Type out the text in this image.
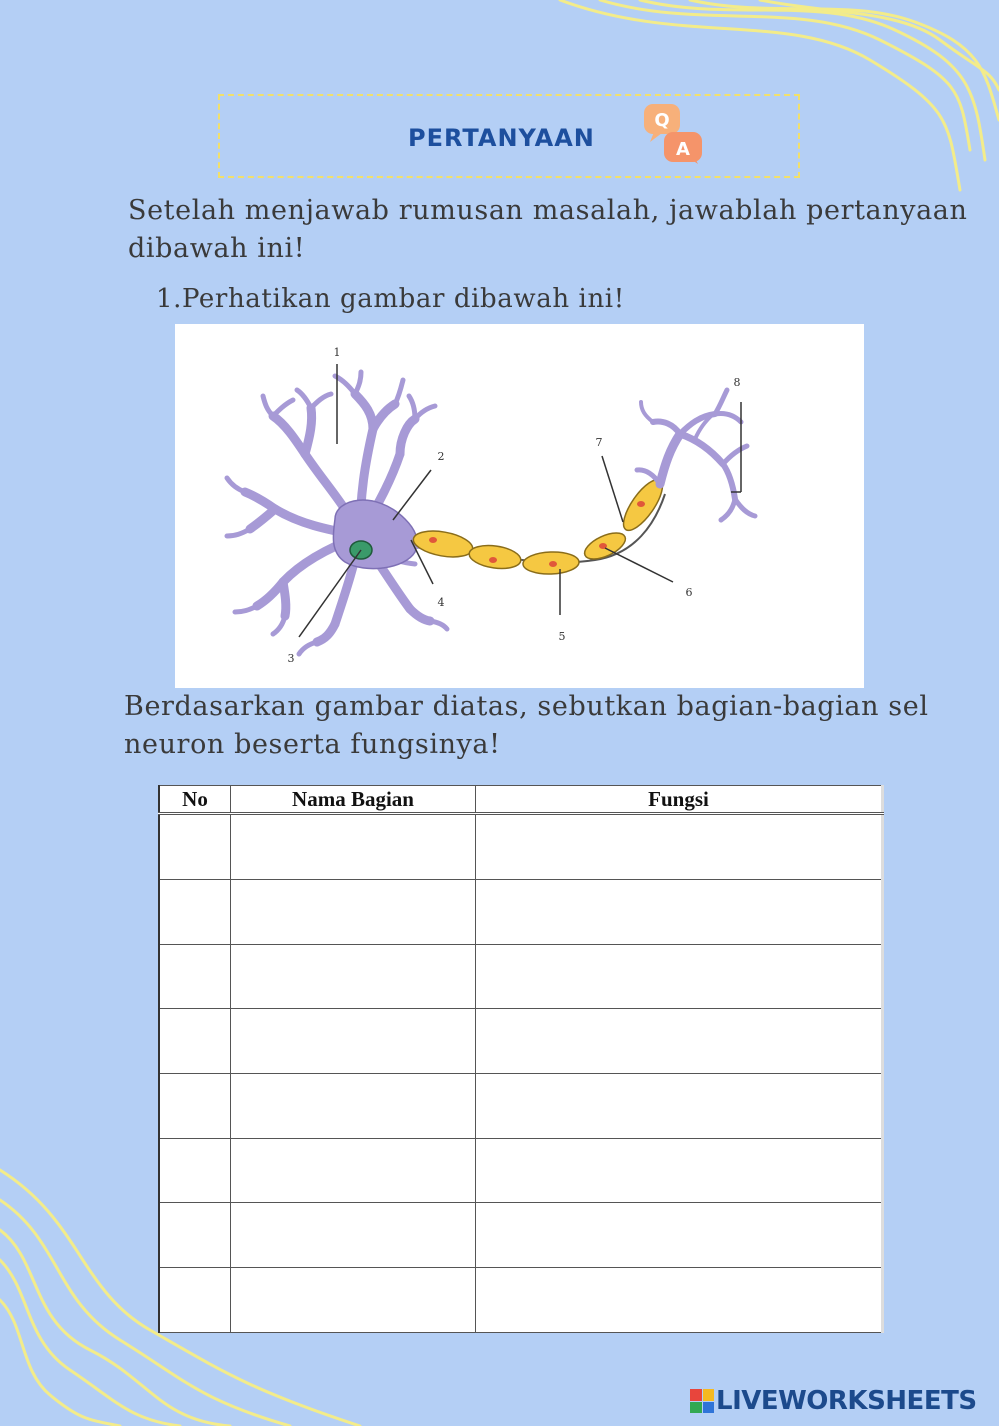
PERTANYAAN
Q
A
Setelah menjawab rumusan masalah, jawablah pertanyaan dibawah ini!
1.Perhatikan gambar dibawah ini!
1
2
3
4
5
6
7
8
Berdasarkan gambar diatas, sebutkan bagian-bagian sel neuron beserta fungsinya!
No	Nama Bagian	Fungsi

LIVEWORKSHEETS
